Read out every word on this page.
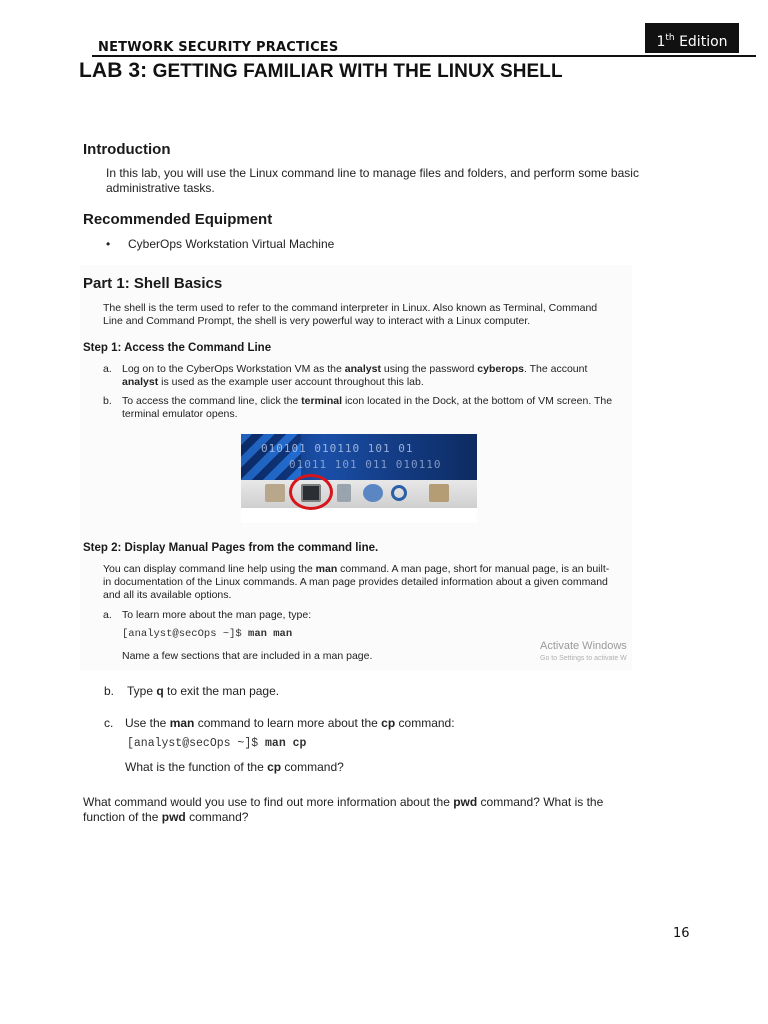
1th Edition
NETWORK SECURITY PRACTICES
LAB 3: GETTING FAMILIAR WITH THE LINUX SHELL
Introduction
In this lab, you will use the Linux command line to manage files and folders, and perform some basic
administrative tasks.
Recommended Equipment
• CyberOps Workstation Virtual Machine
Part 1: Shell Basics
The shell is the term used to refer to the command interpreter in Linux. Also known as Terminal, Command
Line and Command Prompt, the shell is very powerful way to interact with a Linux computer.
Step 1: Access the Command Line
a. Log on to the CyberOps Workstation VM as the analyst using the password cyberops. The account
analyst is used as the example user account throughout this lab.
b. To access the command line, click the terminal icon located in the Dock, at the bottom of VM screen. The
terminal emulator opens.
010101 010110 101 01
01011 101 011 010110
Step 2: Display Manual Pages from the command line.
You can display command line help using the man command. A man page, short for manual page, is an built-
in documentation of the Linux commands. A man page provides detailed information about a given command
and all its available options.
a. To learn more about the man page, type:
[analyst@secOps ~]$ man man
Name a few sections that are included in a man page.
Activate Windows
Go to Settings to activate W
b. Type q to exit the man page.
c. Use the man command to learn more about the cp command:
[analyst@secOps ~]$ man cp
What is the function of the cp command?
What command would you use to find out more information about the pwd command? What is the
function of the pwd command?
16
